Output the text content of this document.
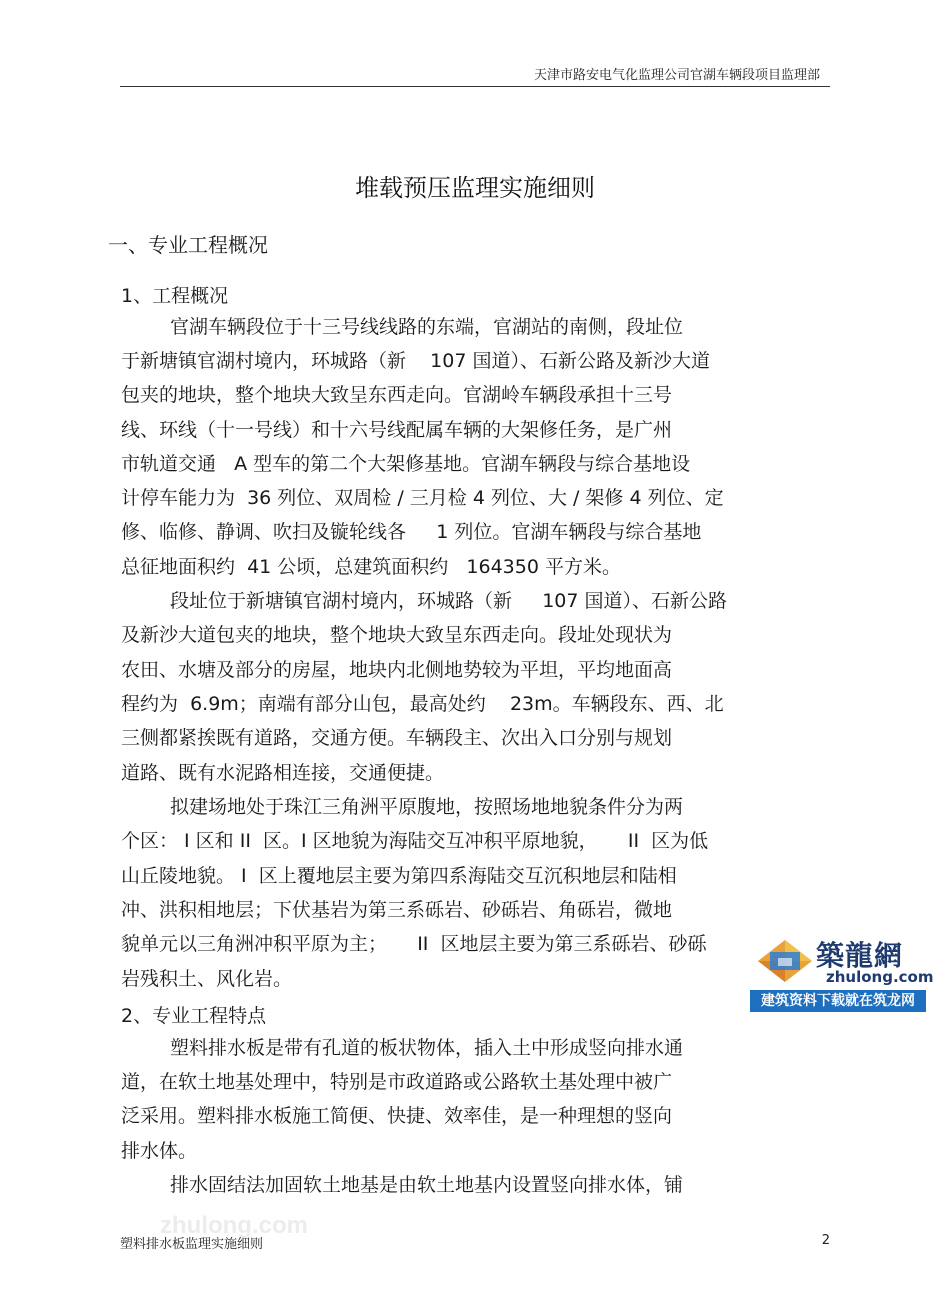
天津市路安电气化监理公司官湖车辆段项目监理部
堆载预压监理实施细则
一、专业工程概况
1、工程概况
官湖车辆段位于十三号线线路的东端，官湖站的南侧，段址位
于新塘镇官湖村境内，环城路（新    107 国道）、石新公路及新沙大道
包夹的地块，整个地块大致呈东西走向。官湖岭车辆段承担十三号
线、环线（十一号线）和十六号线配属车辆的大架修任务，是广州
市轨道交通   A 型车的第二个大架修基地。官湖车辆段与综合基地设
计停车能力为  36 列位、双周检 / 三月检 4 列位、大 / 架修 4 列位、定
修、临修、静调、吹扫及镟轮线各     1 列位。官湖车辆段与综合基地
总征地面积约  41 公顷，总建筑面积约   164350 平方米。
段址位于新塘镇官湖村境内，环城路（新     107 国道）、石新公路
及新沙大道包夹的地块，整个地块大致呈东西走向。段址处现状为
农田、水塘及部分的房屋，地块内北侧地势较为平坦，平均地面高
程约为  6.9m；南端有部分山包，最高处约    23m。车辆段东、西、北
三侧都紧挨既有道路，交通方便。车辆段主、次出入口分别与规划
道路、既有水泥路相连接，交通便捷。
拟建场地处于珠江三角洲平原腹地，按照场地地貌条件分为两
个区： I 区和 II  区。I 区地貌为海陆交互冲积平原地貌，     II  区为低
山丘陵地貌。 I  区上覆地层主要为第四系海陆交互沉积地层和陆相
冲、洪积相地层；下伏基岩为第三系砾岩、砂砾岩、角砾岩，微地
貌单元以三角洲冲积平原为主；     II  区地层主要为第三系砾岩、砂砾
岩残积土、风化岩。
2、专业工程特点
塑料排水板是带有孔道的板状物体，插入土中形成竖向排水通
道，在软土地基处理中，特别是市政道路或公路软土基处理中被广
泛采用。塑料排水板施工简便、快捷、效率佳，是一种理想的竖向
排水体。
排水固结法加固软土地基是由软土地基内设置竖向排水体，铺
zhulong.com
築龍網
zhulong.com
建筑资料下载就在筑龙网
塑料排水板监理实施细则	2
